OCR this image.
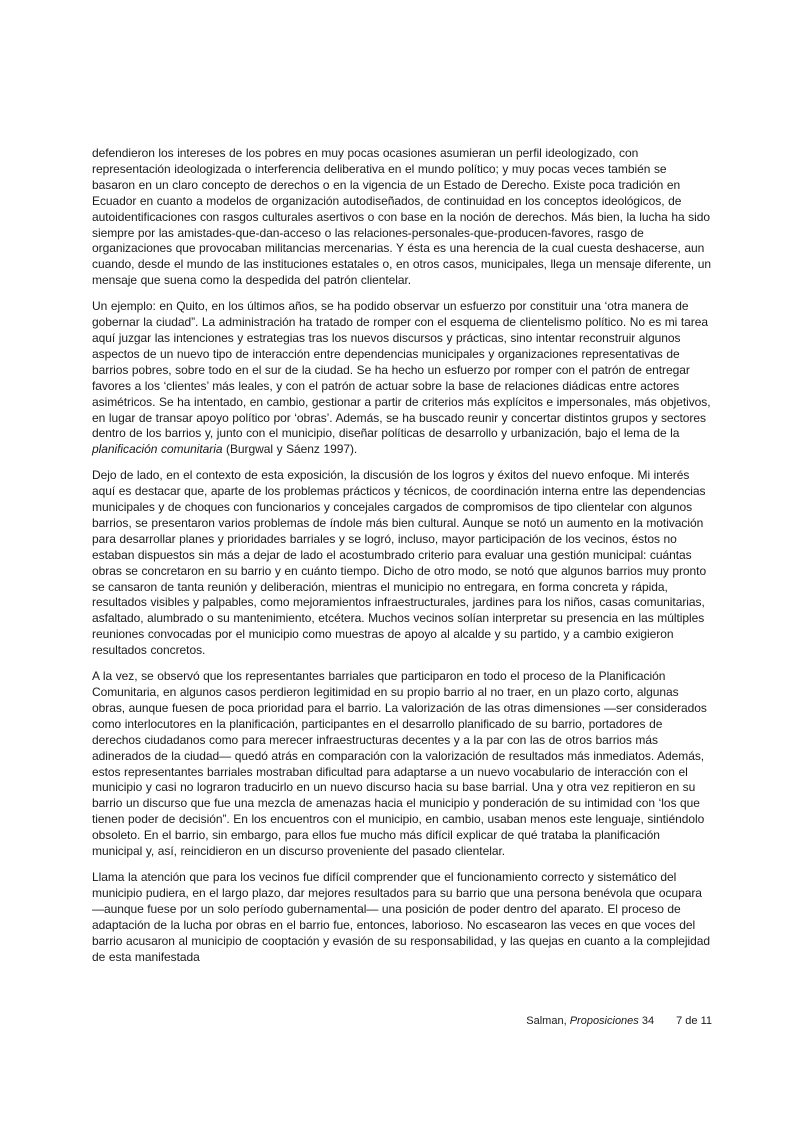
defendieron los intereses de los pobres en muy pocas ocasiones asumieran un perfil ideologizado, con representación ideologizada o interferencia deliberativa en el mundo político; y muy pocas veces también se basaron en un claro concepto de derechos o en la vigencia de un Estado de Derecho. Existe poca tradición en Ecuador en cuanto a modelos de organización autodiseñados, de continuidad en los conceptos ideológicos, de autoidentificaciones con rasgos culturales asertivos o con base en la noción de derechos. Más bien, la lucha ha sido siempre por las amistades-que-dan-acceso o las relaciones-personales-que-producen-favores, rasgo de organizaciones que provocaban militancias mercenarias. Y ésta es una herencia de la cual cuesta deshacerse, aun cuando, desde el mundo de las instituciones estatales o, en otros casos, municipales, llega un mensaje diferente, un mensaje que suena como la despedida del patrón clientelar.

Un ejemplo: en Quito, en los últimos años, se ha podido observar un esfuerzo por constituir una ‘otra manera de gobernar la ciudad”. La administración ha tratado de romper con el esquema de clientelismo político. No es mi tarea aquí juzgar las intenciones y estrategias tras los nuevos discursos y prácticas, sino intentar reconstruir algunos aspectos de un nuevo tipo de interacción entre dependencias municipales y organizaciones representativas de barrios pobres, sobre todo en el sur de la ciudad. Se ha hecho un esfuerzo por romper con el patrón de entregar favores a los ‘clientes’ más leales, y con el patrón de actuar sobre la base de relaciones diádicas entre actores asimétricos. Se ha intentado, en cambio, gestionar a partir de criterios más explícitos e impersonales, más objetivos, en lugar de transar apoyo político por ‘obras’. Además, se ha buscado reunir y concertar distintos grupos y sectores dentro de los barrios y, junto con el municipio, diseñar políticas de desarrollo y urbanización, bajo el lema de la planificación comunitaria (Burgwal y Sáenz 1997).

Dejo de lado, en el contexto de esta exposición, la discusión de los logros y éxitos del nuevo enfoque. Mi interés aquí es destacar que, aparte de los problemas prácticos y técnicos, de coordinación interna entre las dependencias municipales y de choques con funcionarios y concejales cargados de compromisos de tipo clientelar con algunos barrios, se presentaron varios problemas de índole más bien cultural. Aunque se notó un aumento en la motivación para desarrollar planes y prioridades barriales y se logró, incluso, mayor participación de los vecinos, éstos no estaban dispuestos sin más a dejar de lado el acostumbrado criterio para evaluar una gestión municipal: cuántas obras se concretaron en su barrio y en cuánto tiempo. Dicho de otro modo, se notó que algunos barrios muy pronto se cansaron de tanta reunión y deliberación, mientras el municipio no entregara, en forma concreta y rápida, resultados visibles y palpables, como mejoramientos infraestructurales, jardines para los niños, casas comunitarias, asfaltado, alumbrado o su mantenimiento, etcétera. Muchos vecinos solían interpretar su presencia en las múltiples reuniones convocadas por el municipio como muestras de apoyo al alcalde y su partido, y a cambio exigieron resultados concretos.

A la vez, se observó que los representantes barriales que participaron en todo el proceso de la Planificación Comunitaria, en algunos casos perdieron legitimidad en su propio barrio al no traer, en un plazo corto, algunas obras, aunque fuesen de poca prioridad para el barrio. La valorización de las otras dimensiones —ser considerados como interlocutores en la planificación, participantes en el desarrollo planificado de su barrio, portadores de derechos ciudadanos como para merecer infraestructuras decentes y a la par con las de otros barrios más adinerados de la ciudad— quedó atrás en comparación con la valorización de resultados más inmediatos. Además, estos representantes barriales mostraban dificultad para adaptarse a un nuevo vocabulario de interacción con el municipio y casi no lograron traducirlo en un nuevo discurso hacia su base barrial. Una y otra vez repitieron en su barrio un discurso que fue una mezcla de amenazas hacia el municipio y ponderación de su intimidad con ‘los que tienen poder de decisión”. En los encuentros con el municipio, en cambio, usaban menos este lenguaje, sintiéndolo obsoleto. En el barrio, sin embargo, para ellos fue mucho más difícil explicar de qué trataba la planificación municipal y, así, reincidieron en un discurso proveniente del pasado clientelar.

Llama la atención que para los vecinos fue difícil comprender que el funcionamiento correcto y sistemático del municipio pudiera, en el largo plazo, dar mejores resultados para su barrio que una persona benévola que ocupara —aunque fuese por un solo período gubernamental— una posición de poder dentro del aparato. El proceso de adaptación de la lucha por obras en el barrio fue, entonces, laborioso. No escasearon las veces en que voces del barrio acusaron al municipio de cooptación y evasión de su responsabilidad, y las quejas en cuanto a la complejidad de esta manifestada

Salman, Proposiciones 34 7 de 11
